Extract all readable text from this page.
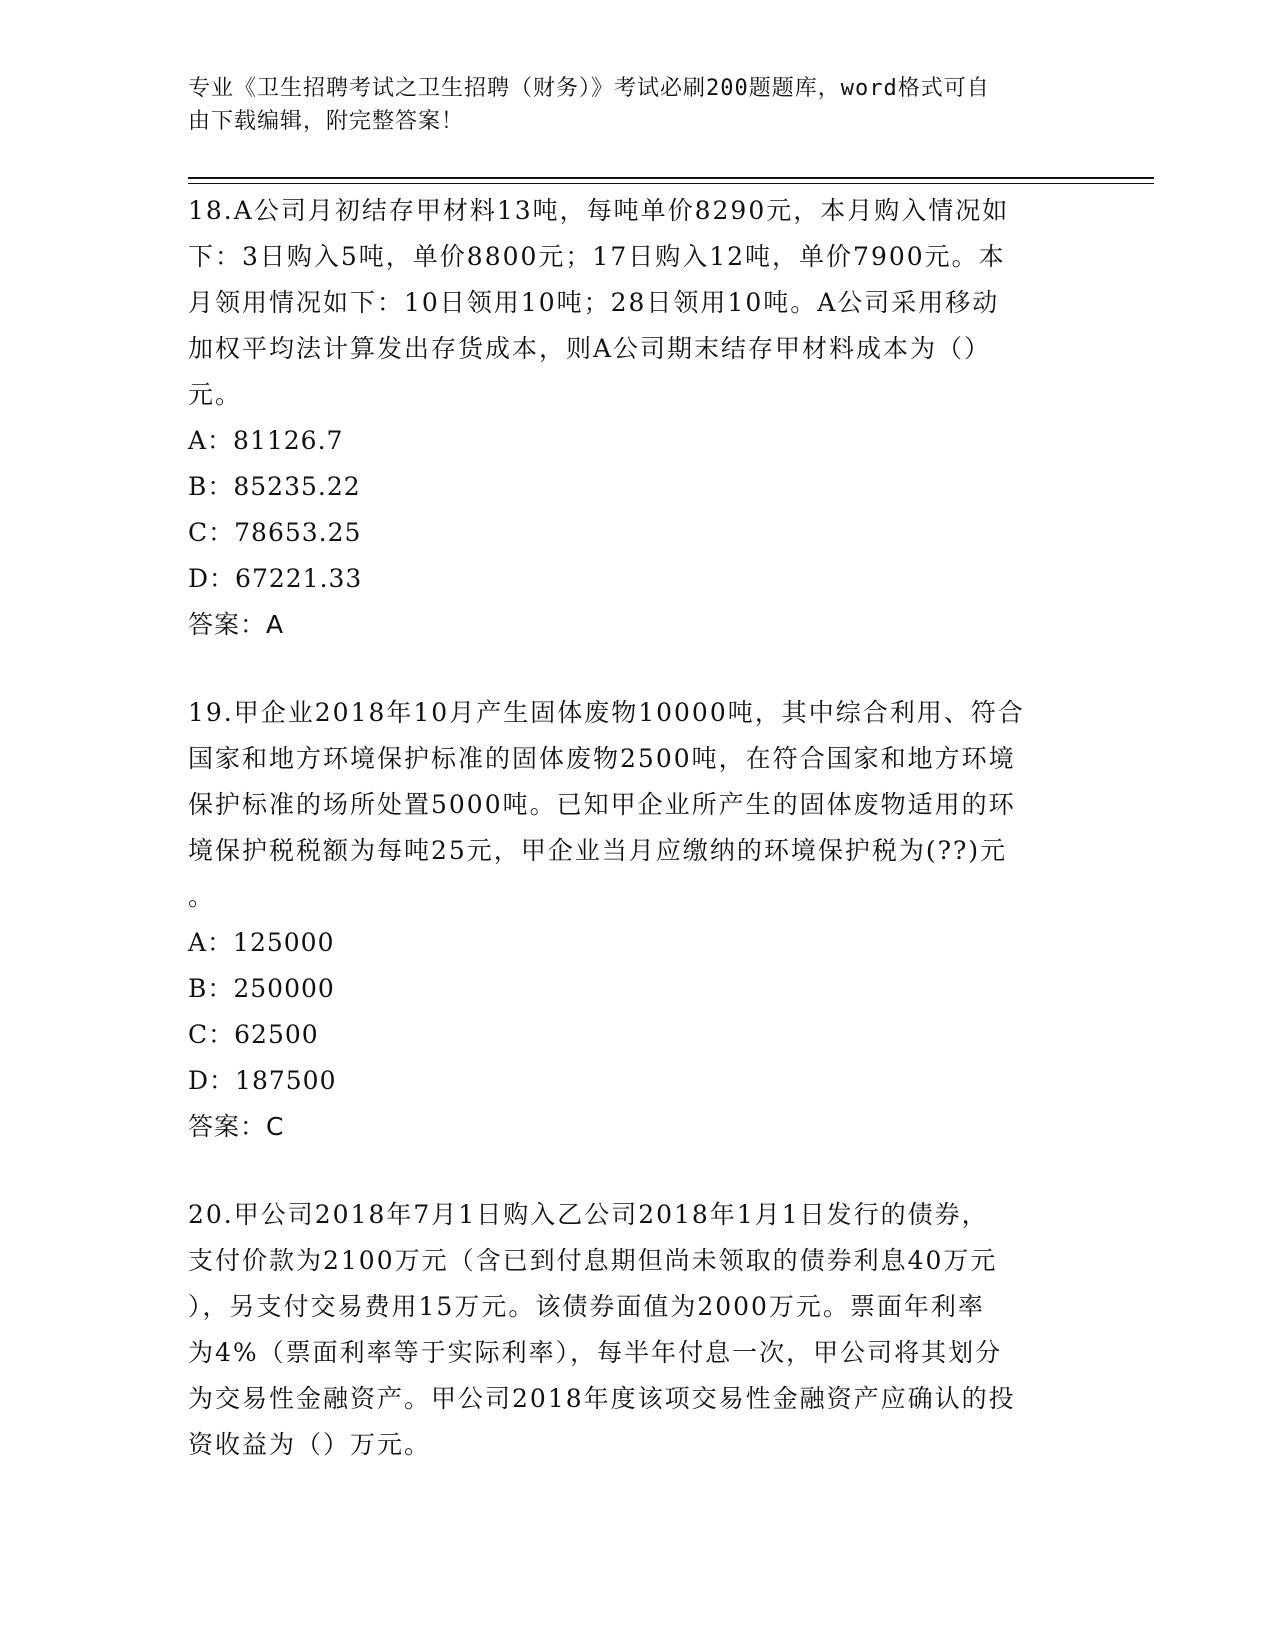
专业《卫生招聘考试之卫生招聘（财务）》考试必刷200题题库，word格式可自
由下载编辑，附完整答案！

18.A公司月初结存甲材料13吨，每吨单价8290元，本月购入情况如

下：3日购入5吨，单价8800元；17日购入12吨，单价7900元。本

月领用情况如下：10日领用10吨；28日领用10吨。A公司采用移动

加权平均法计算发出存货成本，则A公司期末结存甲材料成本为（）

元。

A：81126.7

B：85235.22

C：78653.25

D：67221.33

答案：A

19.甲企业2018年10月产生固体废物10000吨，其中综合利用、符合

国家和地方环境保护标准的固体废物2500吨，在符合国家和地方环境

保护标准的场所处置5000吨。已知甲企业所产生的固体废物适用的环

境保护税税额为每吨25元，甲企业当月应缴纳的环境保护税为(??)元

。

A：125000

B：250000

C：62500

D：187500

答案：C

20.甲公司2018年7月1日购入乙公司2018年1月1日发行的债券，

支付价款为2100万元（含已到付息期但尚未领取的债券利息40万元

），另支付交易费用15万元。该债券面值为2000万元。票面年利率

为4%（票面利率等于实际利率），每半年付息一次，甲公司将其划分

为交易性金融资产。甲公司2018年度该项交易性金融资产应确认的投

资收益为（）万元。
